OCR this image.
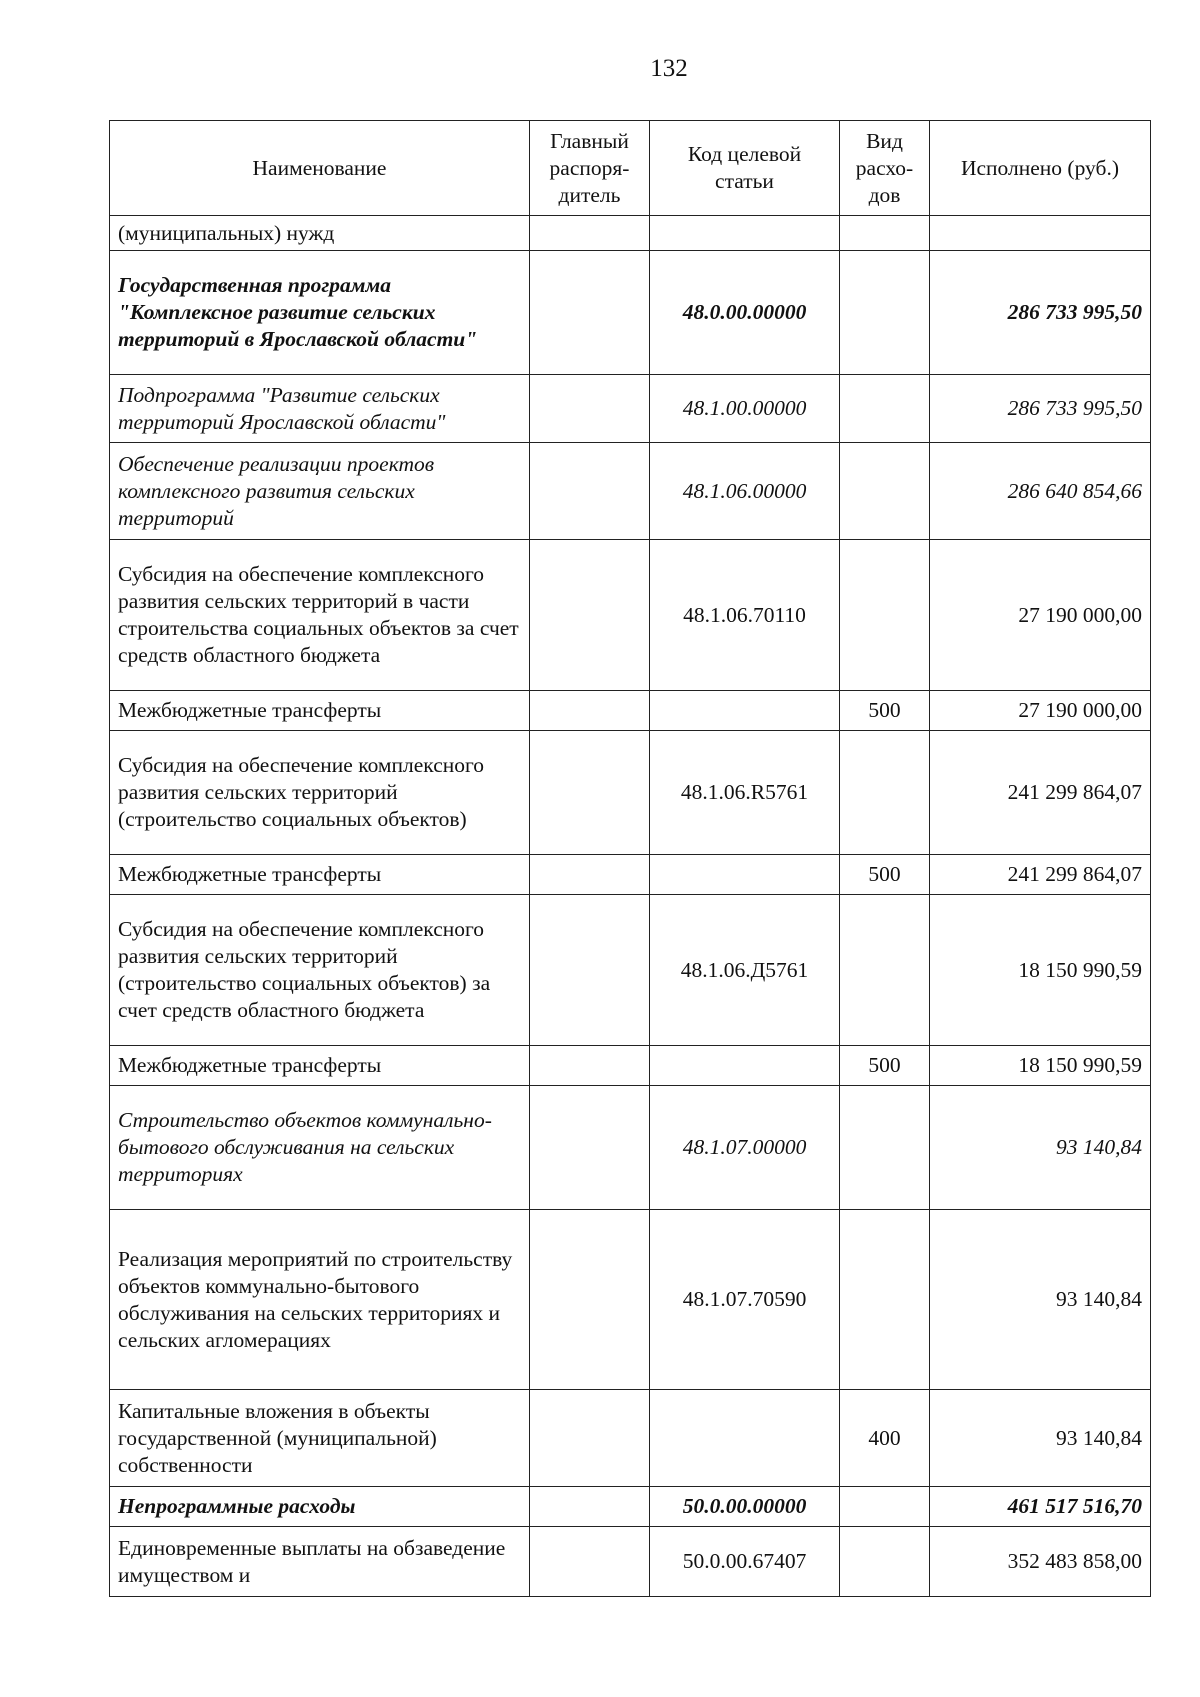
132
Наименование	Главный распоря-дитель	Код целевой статьи	Вид расхо-дов	Исполнено (руб.)
(муниципальных) нужд				
Государственная программа "Комплексное развитие сельских территорий в Ярославской области"		48.0.00.00000		286 733 995,50
Подпрограмма "Развитие сельских территорий Ярославской области"		48.1.00.00000		286 733 995,50
Обеспечение реализации проектов комплексного развития сельских территорий		48.1.06.00000		286 640 854,66
Субсидия на обеспечение комплексного развития сельских территорий в части строительства социальных объектов за счет средств областного бюджета		48.1.06.70110		27 190 000,00
Межбюджетные трансферты			500	27 190 000,00
Субсидия на обеспечение комплексного развития сельских территорий (строительство социальных объектов)		48.1.06.R5761		241 299 864,07
Межбюджетные трансферты			500	241 299 864,07
Субсидия на обеспечение комплексного развития сельских территорий (строительство социальных объектов) за счет средств областного бюджета		48.1.06.Д5761		18 150 990,59
Межбюджетные трансферты			500	18 150 990,59
Строительство объектов коммунально-бытового обслуживания на сельских территориях		48.1.07.00000		93 140,84
Реализация мероприятий по строительству объектов коммунально-бытового обслуживания на сельских территориях и сельских агломерациях		48.1.07.70590		93 140,84
Капитальные вложения в объекты государственной (муниципальной) собственности			400	93 140,84
Непрограммные расходы		50.0.00.00000		461 517 516,70
Единовременные выплаты на обзаведение имуществом и		50.0.00.67407		352 483 858,00
